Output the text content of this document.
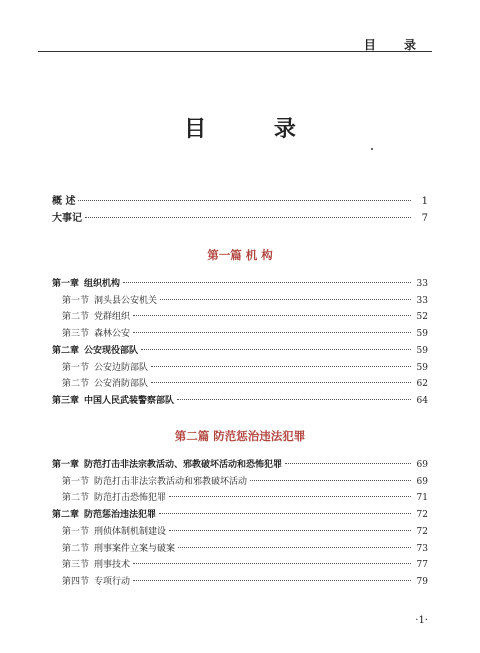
目 录
目 录
概 述	1
大事记	7
第一篇 机 构
第一章 组织机构	33
第一节 洞头县公安机关	33
第二节 党群组织	52
第三节 森林公安	59
第二章 公安现役部队	59
第一节 公安边防部队	59
第二节 公安消防部队	62
第三章 中国人民武装警察部队	64
第二篇 防范惩治违法犯罪
第一章 防范打击非法宗教活动、邪教破坏活动和恐怖犯罪	69
第一节 防范打击非法宗教活动和邪教破坏活动	69
第二节 防范打击恐怖犯罪	71
第二章 防范惩治违法犯罪	72
第一节 刑侦体制机制建设	72
第二节 刑事案件立案与破案	73
第三节 刑事技术	77
第四节 专项行动	79
·1·
